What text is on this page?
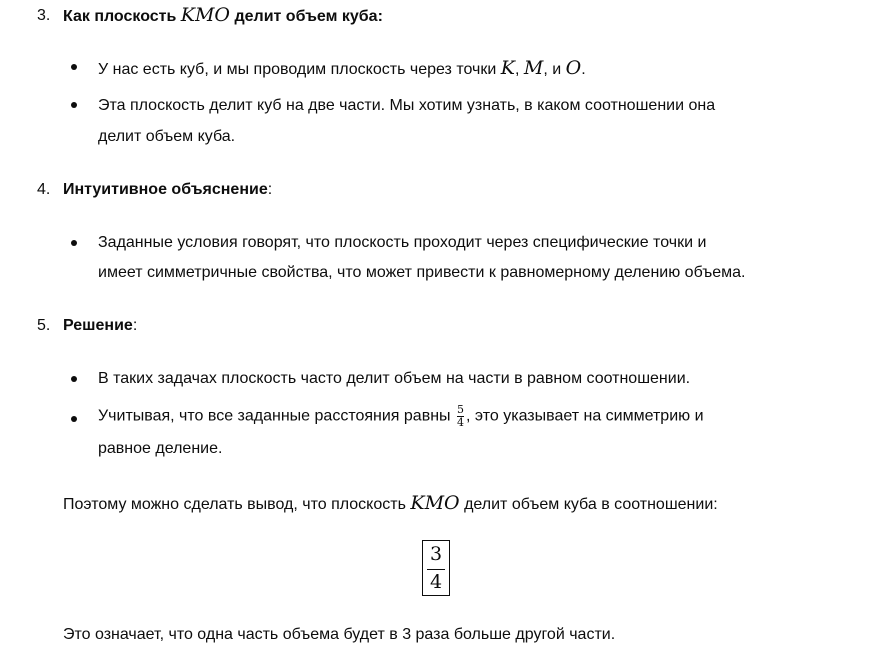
3. Как плоскость KMO делит объем куба:
У нас есть куб, и мы проводим плоскость через точки K, M, и O.
Эта плоскость делит куб на две части. Мы хотим узнать, в каком соотношении она
делит объем куба.
4. Интуитивное объяснение:
Заданные условия говорят, что плоскость проходит через специфические точки и
имеет симметричные свойства, что может привести к равномерному делению объема.
5. Решение:
В таких задачах плоскость часто делит объем на части в равном соотношении.
Учитывая, что все заданные расстояния равны $\frac{5}{4}$ , это указывает на симметрию и
равное деление.
Поэтому можно сделать вывод, что плоскость KMO делит объем куба в соотношении:
3
4
Это означает, что одна часть объема будет в 3 раза больше другой части.
